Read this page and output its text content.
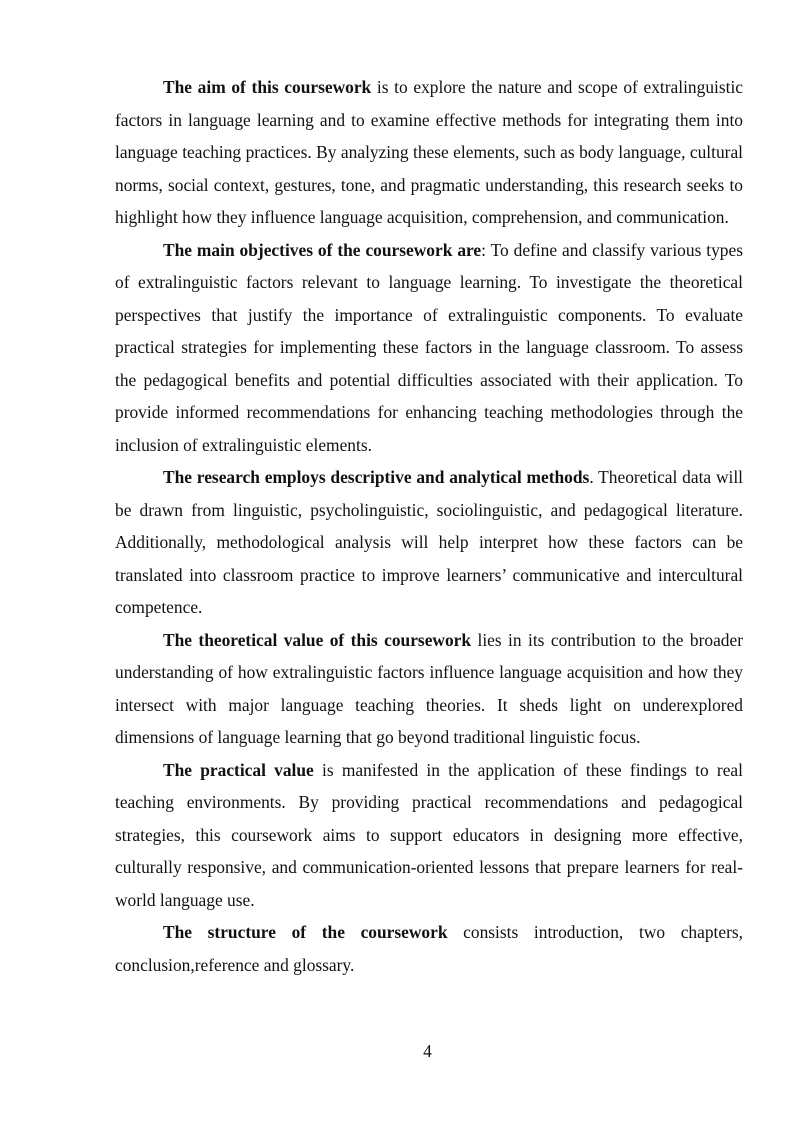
The aim of this coursework is to explore the nature and scope of extralinguistic factors in language learning and to examine effective methods for integrating them into language teaching practices. By analyzing these elements, such as body language, cultural norms, social context, gestures, tone, and pragmatic understanding, this research seeks to highlight how they influence language acquisition, comprehension, and communication.

The main objectives of the coursework are: To define and classify various types of extralinguistic factors relevant to language learning. To investigate the theoretical perspectives that justify the importance of extralinguistic components. To evaluate practical strategies for implementing these factors in the language classroom. To assess the pedagogical benefits and potential difficulties associated with their application. To provide informed recommendations for enhancing teaching methodologies through the inclusion of extralinguistic elements.

The research employs descriptive and analytical methods. Theoretical data will be drawn from linguistic, psycholinguistic, sociolinguistic, and pedagogical literature. Additionally, methodological analysis will help interpret how these factors can be translated into classroom practice to improve learners’ communicative and intercultural competence.

The theoretical value of this coursework lies in its contribution to the broader understanding of how extralinguistic factors influence language acquisition and how they intersect with major language teaching theories. It sheds light on underexplored dimensions of language learning that go beyond traditional linguistic focus.

The practical value is manifested in the application of these findings to real teaching environments. By providing practical recommendations and pedagogical strategies, this coursework aims to support educators in designing more effective, culturally responsive, and communication-oriented lessons that prepare learners for real-world language use.

The structure of the coursework consists introduction, two chapters, conclusion,reference and glossary.

4
